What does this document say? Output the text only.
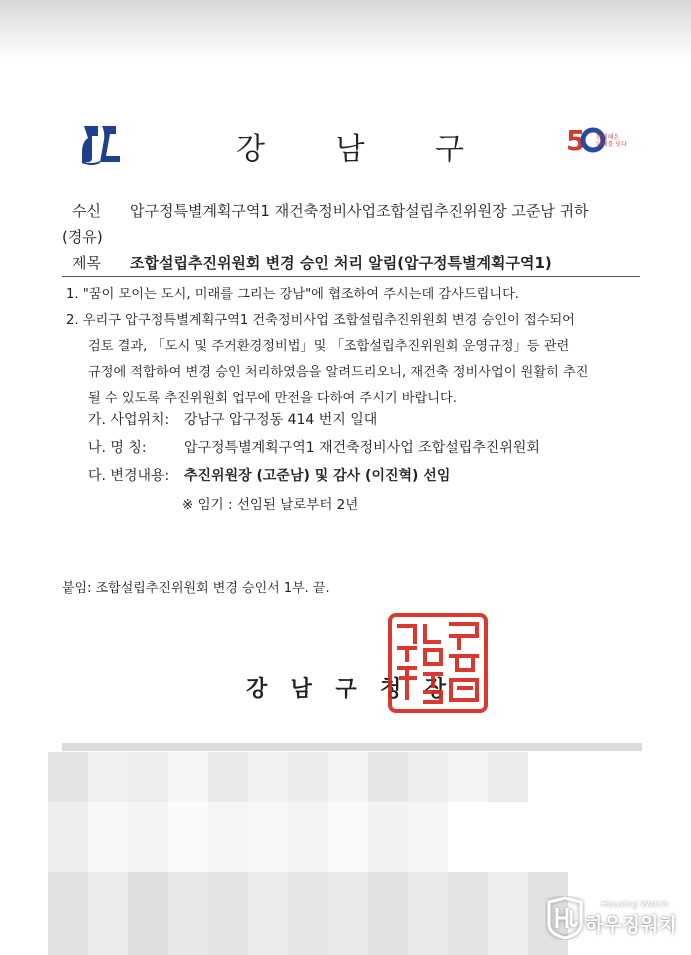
강 남 구	5 함께해온
미래를 잇다
수신 압구정특별계획구역1 재건축정비사업조합설립추진위원장 고준남 귀하
(경유)
제목 조합설립추진위원회 변경 승인 처리 알림(압구정특별계획구역1)
1. "꿈이 모이는 도시, 미래를 그리는 강남"에 협조하여 주시는데 감사드립니다.
2. 우리구 압구정특별계획구역1 건축정비사업 조합설립추진위원회 변경 승인이 접수되어
검토 결과, 「도시 및 주거환경정비법」및 「조합설립추진위원회 운영규정」등 관련
규정에 적합하여 변경 승인 처리하였음을 알려드리오니, 재건축 정비사업이 원활히 추진
될 수 있도록 추진위원회 업무에 만전을 다하여 주시기 바랍니다.
가. 사업위치: 강남구 압구정동 414 번지 일대
나. 명 칭:	압구정특별계획구역1 재건축정비사업 조합설립추진위원회
다. 변경내용: 추진위원장 (고준남) 및 감사 (이진혁) 선임
※ 임기 : 선임된 날로부터 2년
붙임: 조합설립추진위원회 변경 승인서 1부. 끝.
강 남 구 청 장
Housing Watch
하우징워치
